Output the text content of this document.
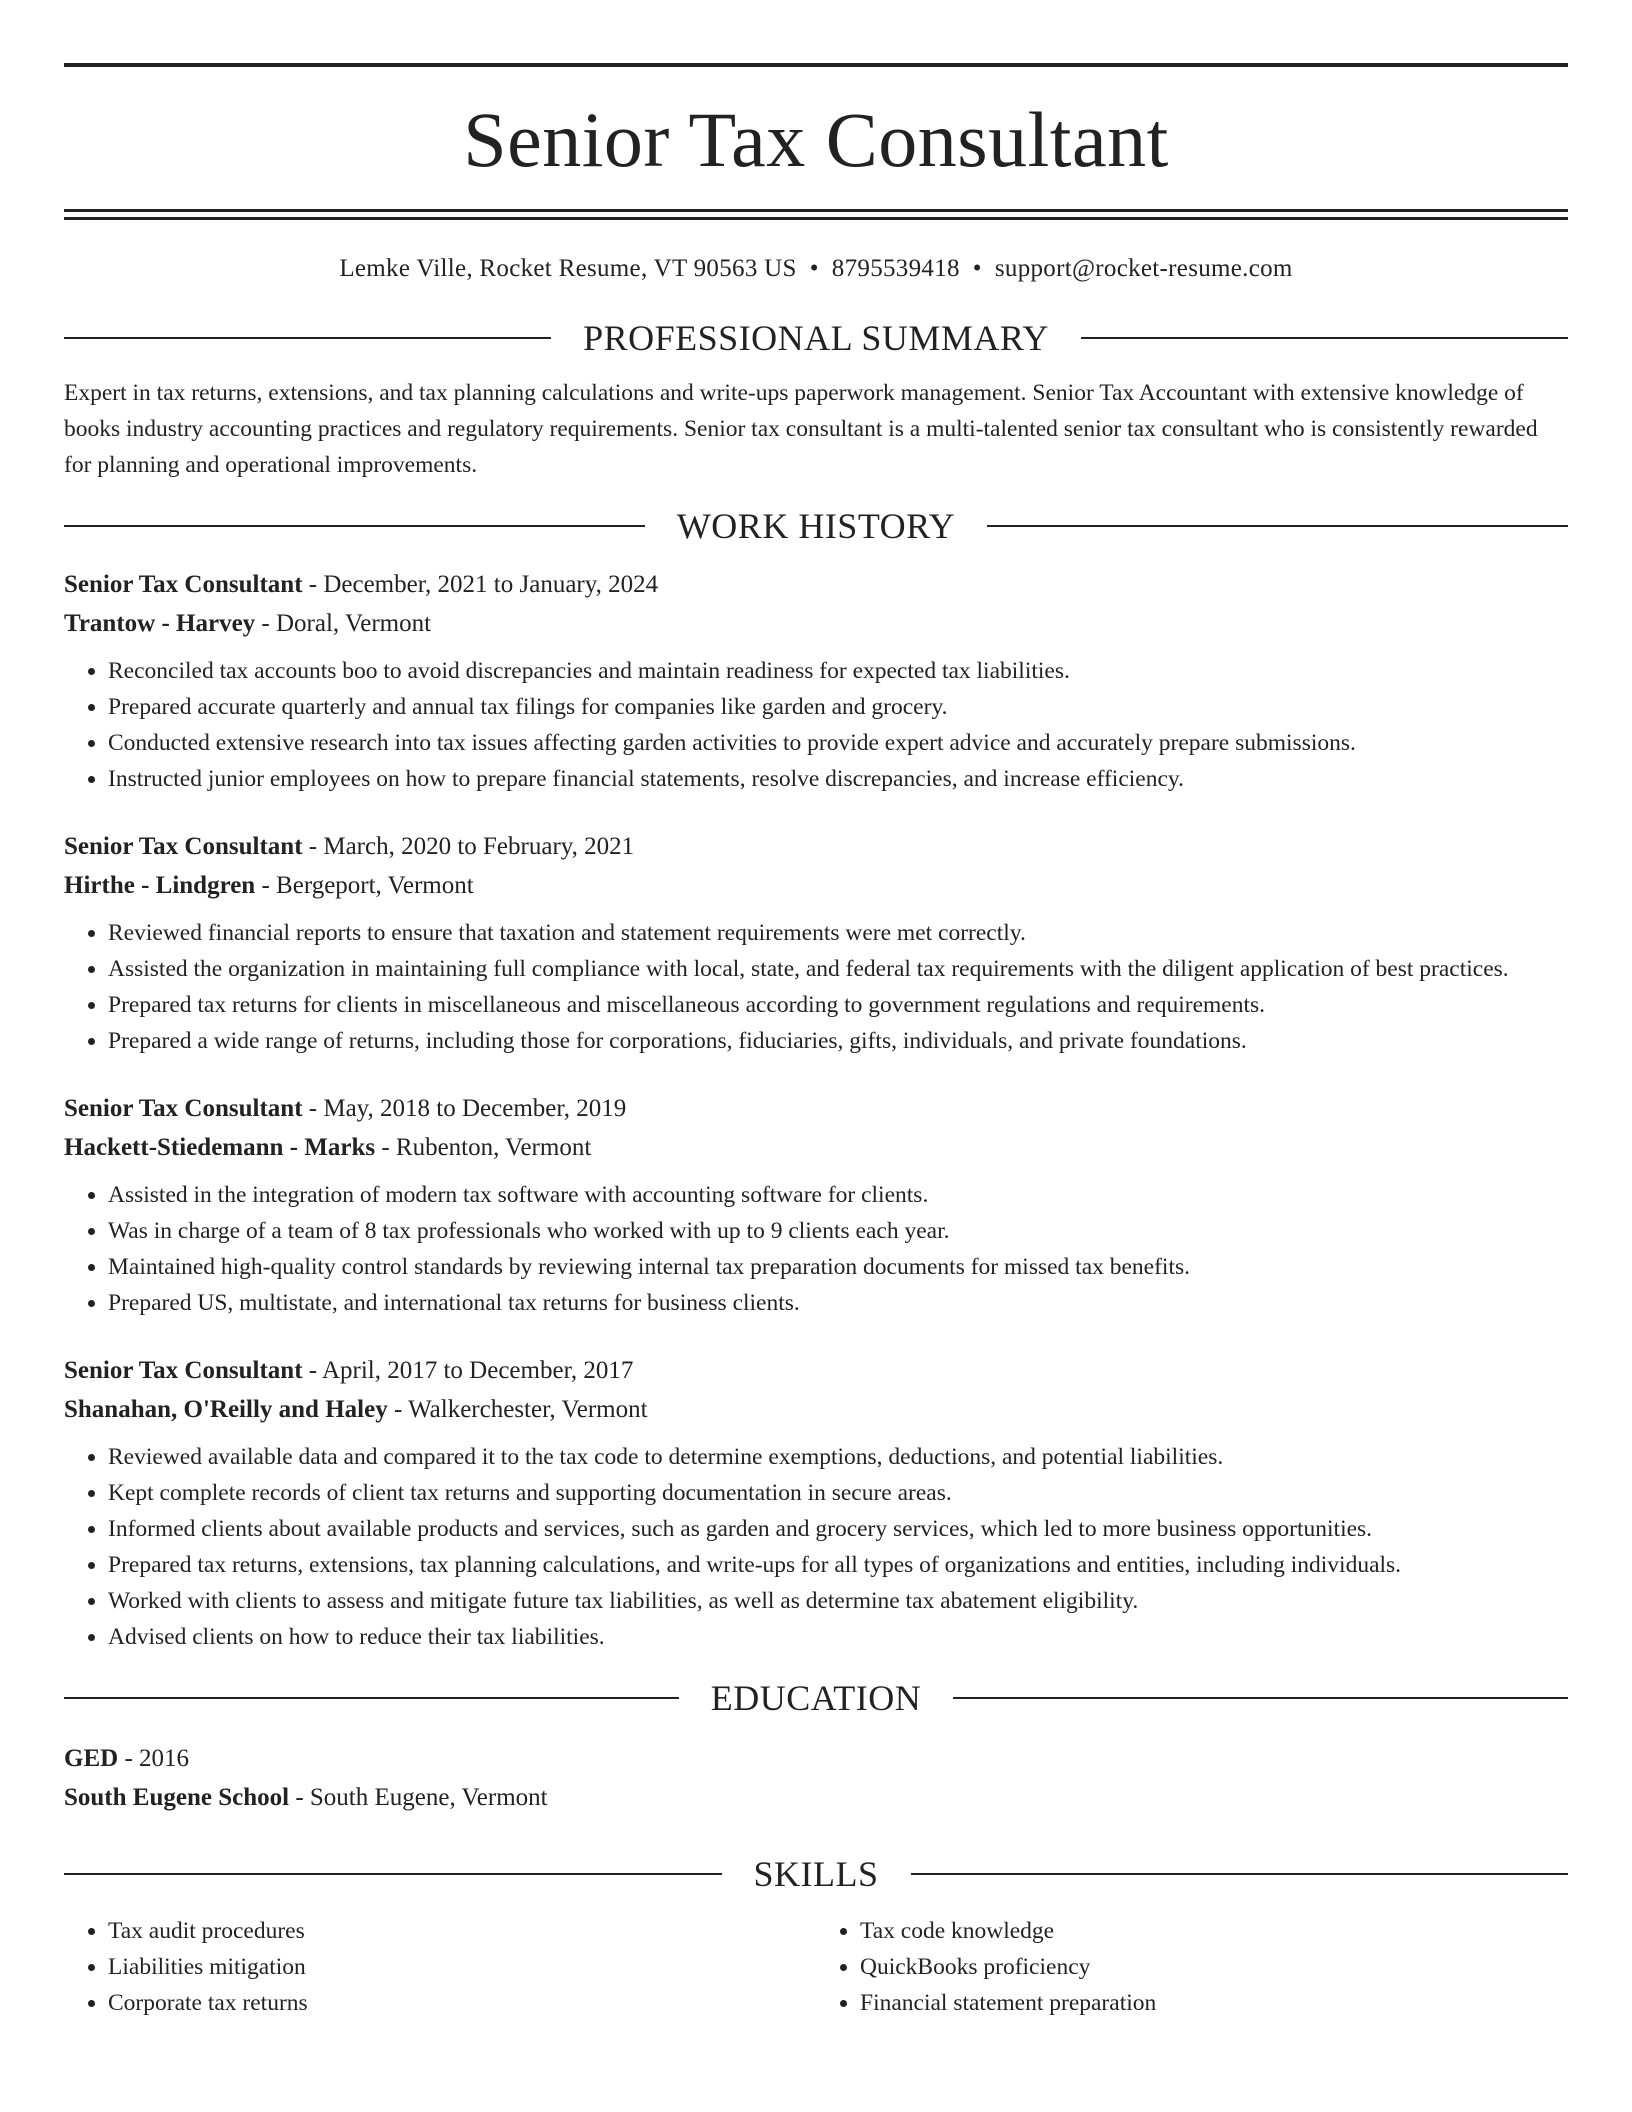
Senior Tax Consultant
Lemke Ville, Rocket Resume, VT 90563 US • 8795539418 • support@rocket-resume.com
PROFESSIONAL SUMMARY
Expert in tax returns, extensions, and tax planning calculations and write-ups paperwork management. Senior Tax Accountant with extensive knowledge of books industry accounting practices and regulatory requirements. Senior tax consultant is a multi-talented senior tax consultant who is consistently rewarded for planning and operational improvements.
WORK HISTORY
Senior Tax Consultant - December, 2021 to January, 2024
Trantow - Harvey - Doral, Vermont
• Reconciled tax accounts boo to avoid discrepancies and maintain readiness for expected tax liabilities.
• Prepared accurate quarterly and annual tax filings for companies like garden and grocery.
• Conducted extensive research into tax issues affecting garden activities to provide expert advice and accurately prepare submissions.
• Instructed junior employees on how to prepare financial statements, resolve discrepancies, and increase efficiency.
Senior Tax Consultant - March, 2020 to February, 2021
Hirthe - Lindgren - Bergeport, Vermont
• Reviewed financial reports to ensure that taxation and statement requirements were met correctly.
• Assisted the organization in maintaining full compliance with local, state, and federal tax requirements with the diligent application of best practices.
• Prepared tax returns for clients in miscellaneous and miscellaneous according to government regulations and requirements.
• Prepared a wide range of returns, including those for corporations, fiduciaries, gifts, individuals, and private foundations.
Senior Tax Consultant - May, 2018 to December, 2019
Hackett-Stiedemann - Marks - Rubenton, Vermont
• Assisted in the integration of modern tax software with accounting software for clients.
• Was in charge of a team of 8 tax professionals who worked with up to 9 clients each year.
• Maintained high-quality control standards by reviewing internal tax preparation documents for missed tax benefits.
• Prepared US, multistate, and international tax returns for business clients.
Senior Tax Consultant - April, 2017 to December, 2017
Shanahan, O'Reilly and Haley - Walkerchester, Vermont
• Reviewed available data and compared it to the tax code to determine exemptions, deductions, and potential liabilities.
• Kept complete records of client tax returns and supporting documentation in secure areas.
• Informed clients about available products and services, such as garden and grocery services, which led to more business opportunities.
• Prepared tax returns, extensions, tax planning calculations, and write-ups for all types of organizations and entities, including individuals.
• Worked with clients to assess and mitigate future tax liabilities, as well as determine tax abatement eligibility.
• Advised clients on how to reduce their tax liabilities.
EDUCATION
GED - 2016
South Eugene School - South Eugene, Vermont
SKILLS
• Tax audit procedures
• Liabilities mitigation
• Corporate tax returns
• Tax code knowledge
• QuickBooks proficiency
• Financial statement preparation
